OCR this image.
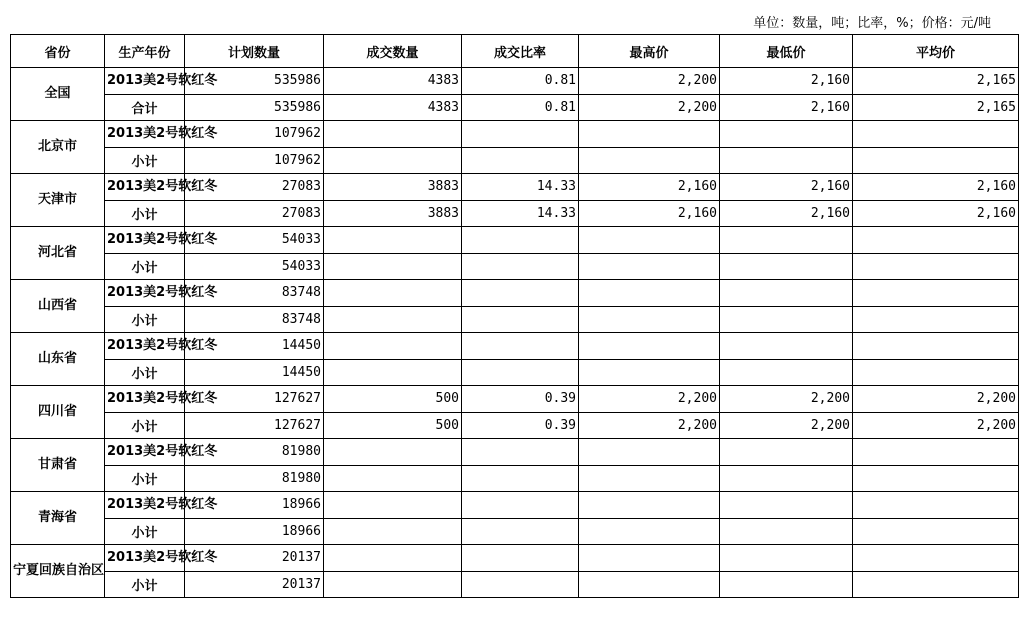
单位：数量，吨；比率，%；价格：元/吨
省份	生产年份	计划数量	成交数量	成交比率	最高价	最低价	平均价
全国	2013美2号软红冬	535986	4383	0.81	2,200	2,160	2,165
	合计	535986	4383	0.81	2,200	2,160	2,165
北京市	2013美2号软红冬	107962					
	小计	107962					
天津市	2013美2号软红冬	27083	3883	14.33	2,160	2,160	2,160
	小计	27083	3883	14.33	2,160	2,160	2,160
河北省	2013美2号软红冬	54033					
	小计	54033					
山西省	2013美2号软红冬	83748					
	小计	83748					
山东省	2013美2号软红冬	14450					
	小计	14450					
四川省	2013美2号软红冬	127627	500	0.39	2,200	2,200	2,200
	小计	127627	500	0.39	2,200	2,200	2,200
甘肃省	2013美2号软红冬	81980					
	小计	81980					
青海省	2013美2号软红冬	18966					
	小计	18966					
宁夏回族自治区	2013美2号软红冬	20137					
	小计	20137					
